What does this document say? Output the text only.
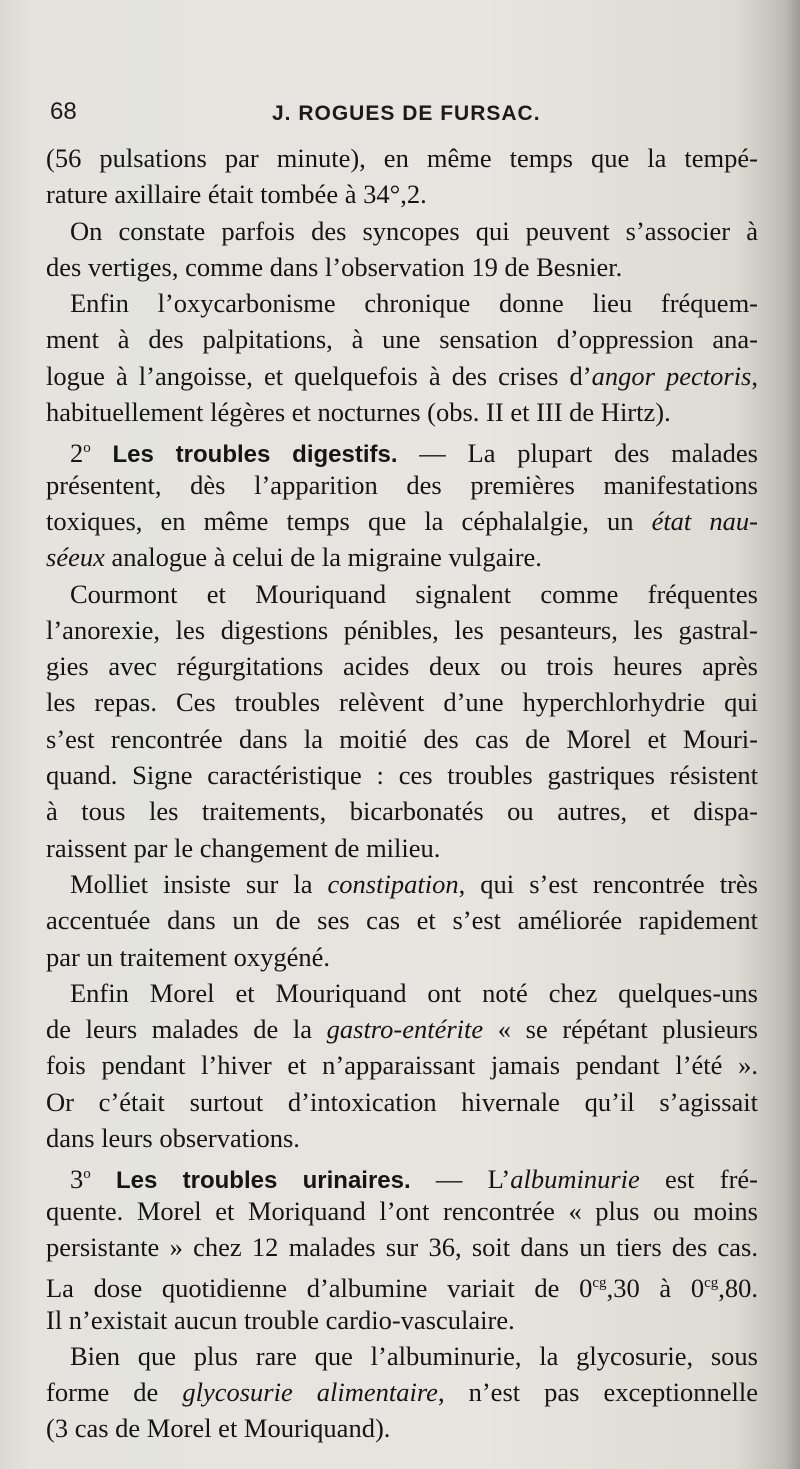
68	J. ROGUES DE FURSAC.
(56 pulsations par minute), en même temps que la tempé-
rature axillaire était tombée à 34°,2.
On constate parfois des syncopes qui peuvent s’associer à
des vertiges, comme dans l’observation 19 de Besnier.
Enfin l’oxycarbonisme chronique donne lieu fréquem-
ment à des palpitations, à une sensation d’oppression ana-
logue à l’angoisse, et quelquefois à des crises d’angor pectoris,
habituellement légères et nocturnes (obs. II et III de Hirtz).
2$^o$ Les troubles digestifs. — La plupart des malades
présentent, dès l’apparition des premières manifestations
toxiques, en même temps que la céphalalgie, un état nau-
séeux analogue à celui de la migraine vulgaire.
Courmont et Mouriquand signalent comme fréquentes
l’anorexie, les digestions pénibles, les pesanteurs, les gastral-
gies avec régurgitations acides deux ou trois heures après
les repas. Ces troubles relèvent d’une hyperchlorhydrie qui
s’est rencontrée dans la moitié des cas de Morel et Mouri-
quand. Signe caractéristique : ces troubles gastriques résistent
à tous les traitements, bicarbonatés ou autres, et dispa-
raissent par le changement de milieu.
Molliet insiste sur la constipation, qui s’est rencontrée très
accentuée dans un de ses cas et s’est améliorée rapidement
par un traitement oxygéné.
Enfin Morel et Mouriquand ont noté chez quelques-uns
de leurs malades de la gastro-entérite « se répétant plusieurs
fois pendant l’hiver et n’apparaissant jamais pendant l’été ».
Or c’était surtout d’intoxication hivernale qu’il s’agissait
dans leurs observations.
3$^o$ Les troubles urinaires. — L’albuminurie est fré-
quente. Morel et Moriquand l’ont rencontrée « plus ou moins
persistante » chez 12 malades sur 36, soit dans un tiers des cas.
La dose quotidienne d’albumine variait de $0^{cg},30$ à $0^{cg},80$.
Il n’existait aucun trouble cardio-vasculaire.
Bien que plus rare que l’albuminurie, la glycosurie, sous
forme de glycosurie alimentaire, n’est pas exceptionnelle
(3 cas de Morel et Mouriquand).
